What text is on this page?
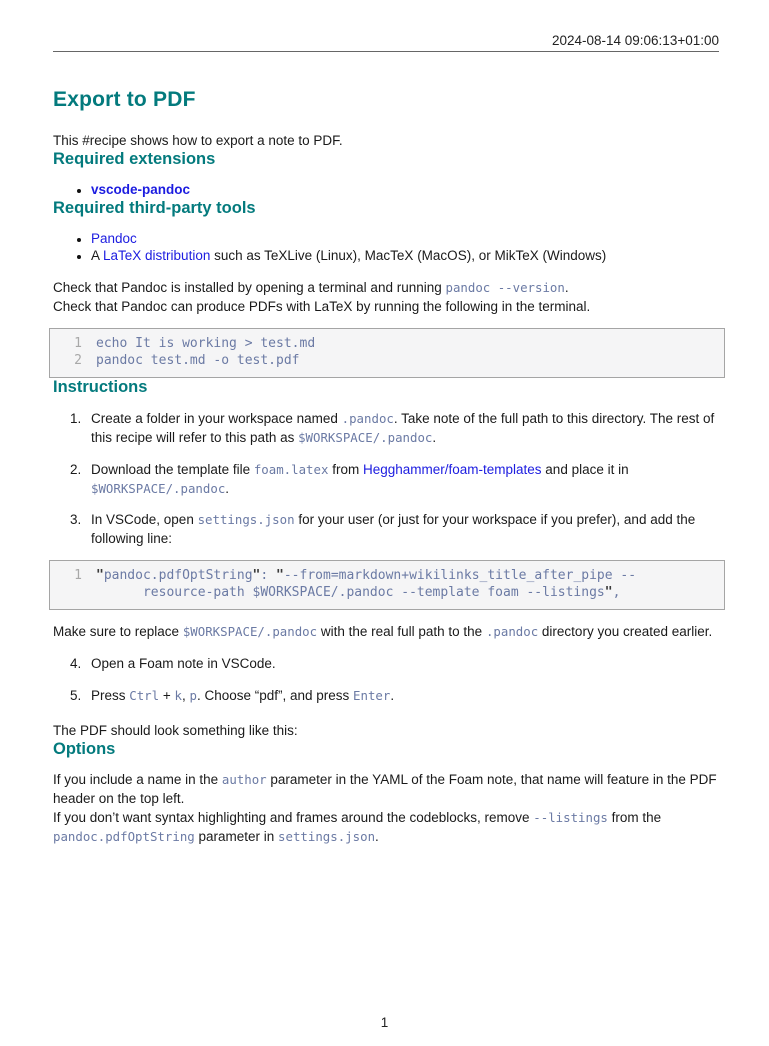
2024-08-14 09:06:13+01:00
Export to PDF

This #recipe shows how to export a note to PDF.

Required extensions
• vscode-pandoc
Required third-party tools
• Pandoc
• A LaTeX distribution such as TeXLive (Linux), MacTeX (MacOS), or MikTeX (Windows)

Check that Pandoc is installed by opening a terminal and running pandoc --version.

Check that Pandoc can produce PDFs with LaTeX by running the following in the terminal.

1 echo It is working > test.md
2 pandoc test.md -o test.pdf
Instructions
1. Create a folder in your workspace named .pandoc. Take note of the full path to this directory. The rest of this recipe will refer to this path as $WORKSPACE/.pandoc.
2. Download the template file foam.latex from Hegghammer/foam-templates and place it in $WORKSPACE/.pandoc.
3. In VSCode, open settings.json for your user (or just for your workspace if you prefer), and add the following line:
1 "pandoc.pdfOptString": "--from=markdown+wikilinks_title_after_pipe --
resource-path $WORKSPACE/.pandoc --template foam --listings",

Make sure to replace $WORKSPACE/.pandoc with the real full path to the .pandoc directory you created earlier.

4. Open a Foam note in VSCode.
5. Press Ctrl + k, p. Choose “pdf”, and press Enter.

The PDF should look something like this:

Options

If you include a name in the author parameter in the YAML of the Foam note, that name will feature in the PDF header on the top left.

If you don’t want syntax highlighting and frames around the codeblocks, remove --listings from the pandoc.pdfOptString parameter in settings.json.

1
